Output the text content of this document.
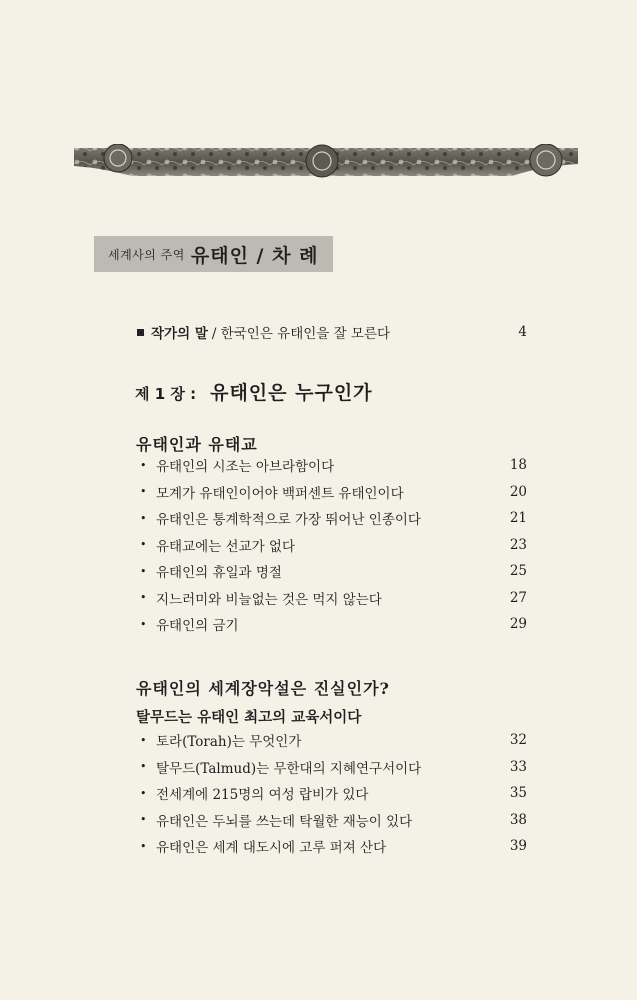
세계사의 주역 유태인 / 차 례
작가의 말 / 한국인은 유태인을 잘 모른다	4
제 1 장 : 유태인은 누구인가
유태인과 유태교
• 유태인의 시조는 아브라함이다	18
• 모계가 유태인이어야 백퍼센트 유태인이다	20
• 유태인은 통계학적으로 가장 뛰어난 인종이다	21
• 유태교에는 선교가 없다	23
• 유태인의 휴일과 명절	25
• 지느러미와 비늘없는 것은 먹지 않는다	27
• 유태인의 금기	29
유태인의 세계장악설은 진실인가?
탈무드는 유태인 최고의 교육서이다
• 토라(Torah)는 무엇인가	32
• 탈무드(Talmud)는 무한대의 지혜연구서이다	33
• 전세계에 215명의 여성 랍비가 있다	35
• 유태인은 두뇌를 쓰는데 탁월한 재능이 있다	38
• 유태인은 세계 대도시에 고루 퍼져 산다	39
